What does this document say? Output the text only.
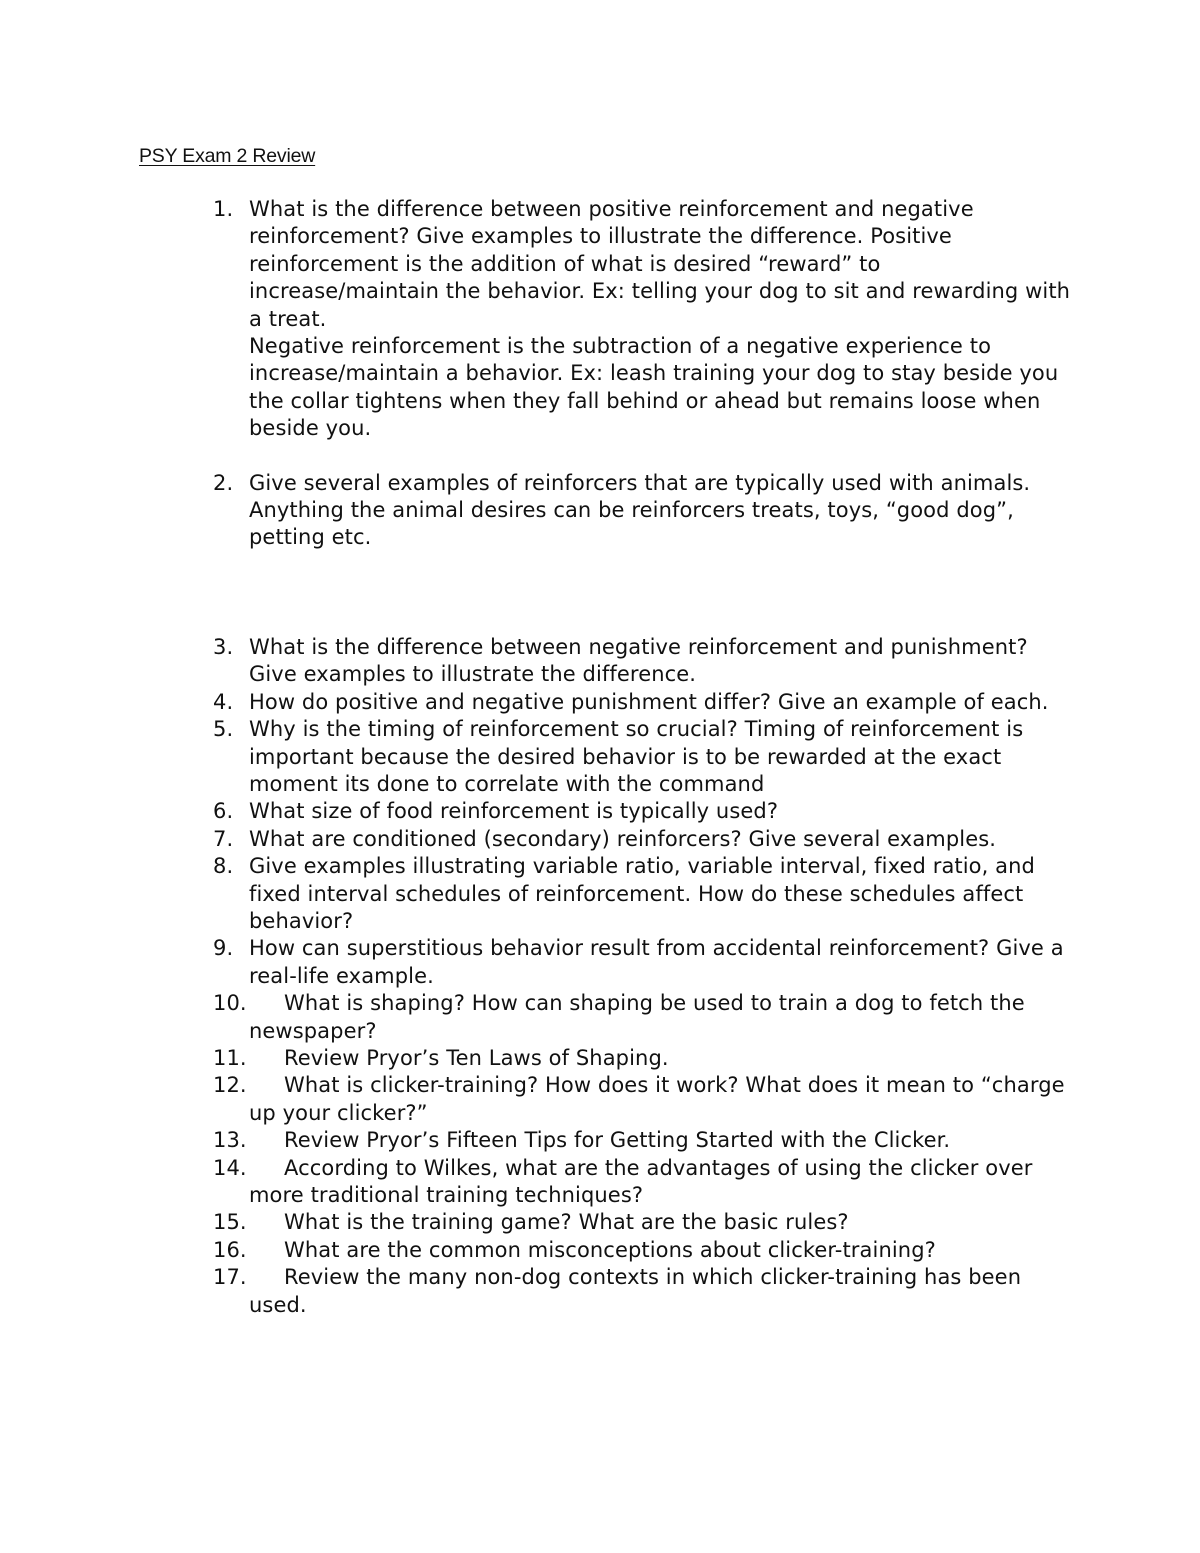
PSY Exam 2 Review
1. What is the difference between positive reinforcement and negative reinforcement? Give examples to illustrate the difference. Positive reinforcement is the addition of what is desired “reward” to increase/maintain the behavior. Ex: telling your dog to sit and rewarding with a treat.
Negative reinforcement is the subtraction of a negative experience to increase/maintain a behavior. Ex: leash training your dog to stay beside you the collar tightens when they fall behind or ahead but remains loose when beside you.
2. Give several examples of reinforcers that are typically used with animals. Anything the animal desires can be reinforcers treats, toys, “good dog”, petting etc.
3. What is the difference between negative reinforcement and punishment? Give examples to illustrate the difference.
4. How do positive and negative punishment differ? Give an example of each.
5. Why is the timing of reinforcement so crucial? Timing of reinforcement is important because the desired behavior is to be rewarded at the exact moment its done to correlate with the command
6. What size of food reinforcement is typically used?
7. What are conditioned (secondary) reinforcers? Give several examples.
8. Give examples illustrating variable ratio, variable interval, fixed ratio, and fixed interval schedules of reinforcement. How do these schedules affect behavior?
9. How can superstitious behavior result from accidental reinforcement? Give a real-life example.
10.	What is shaping? How can shaping be used to train a dog to fetch the newspaper?
11.	Review Pryor’s Ten Laws of Shaping.
12.	What is clicker-training? How does it work? What does it mean to “charge up your clicker?”
13.	Review Pryor’s Fifteen Tips for Getting Started with the Clicker.
14.	According to Wilkes, what are the advantages of using the clicker over more traditional training techniques?
15.	What is the training game? What are the basic rules?
16.	What are the common misconceptions about clicker-training?
17.	Review the many non-dog contexts in which clicker-training has been used.
